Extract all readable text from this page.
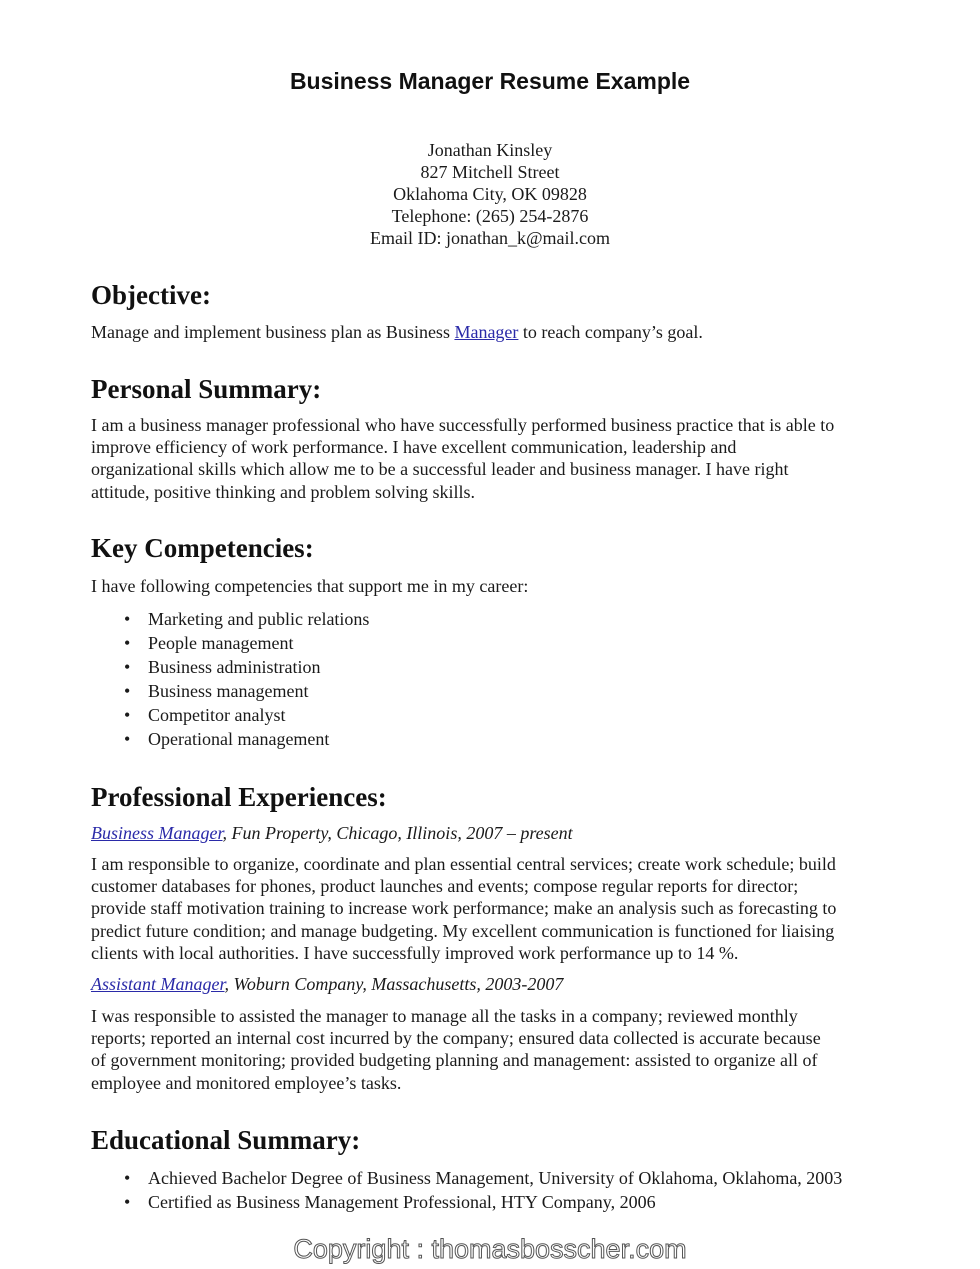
Business Manager Resume Example
Jonathan Kinsley
827 Mitchell Street
Oklahoma City, OK 09828
Telephone: (265) 254-2876
Email ID: jonathan_k@mail.com
Objective:
Manage and implement business plan as Business Manager to reach company’s goal.
Personal Summary:
I am a business manager professional who have successfully performed business practice that is able to
improve efficiency of work performance. I have excellent communication, leadership and
organizational skills which allow me to be a successful leader and business manager. I have right
attitude, positive thinking and problem solving skills.
Key Competencies:
I have following competencies that support me in my career:
• Marketing and public relations
• People management
• Business administration
• Business management
• Competitor analyst
• Operational management
Professional Experiences:
Business Manager, Fun Property, Chicago, Illinois, 2007 – present
I am responsible to organize, coordinate and plan essential central services; create work schedule; build
customer databases for phones, product launches and events; compose regular reports for director;
provide staff motivation training to increase work performance; make an analysis such as forecasting to
predict future condition; and manage budgeting. My excellent communication is functioned for liaising
clients with local authorities. I have successfully improved work performance up to 14 %.
Assistant Manager, Woburn Company, Massachusetts, 2003-2007
I was responsible to assisted the manager to manage all the tasks in a company; reviewed monthly
reports; reported an internal cost incurred by the company; ensured data collected is accurate because
of government monitoring; provided budgeting planning and management: assisted to organize all of
employee and monitored employee’s tasks.
Educational Summary:
• Achieved Bachelor Degree of Business Management, University of Oklahoma, Oklahoma, 2003
• Certified as Business Management Professional, HTY Company, 2006
Copyright : thomasbosscher.com
